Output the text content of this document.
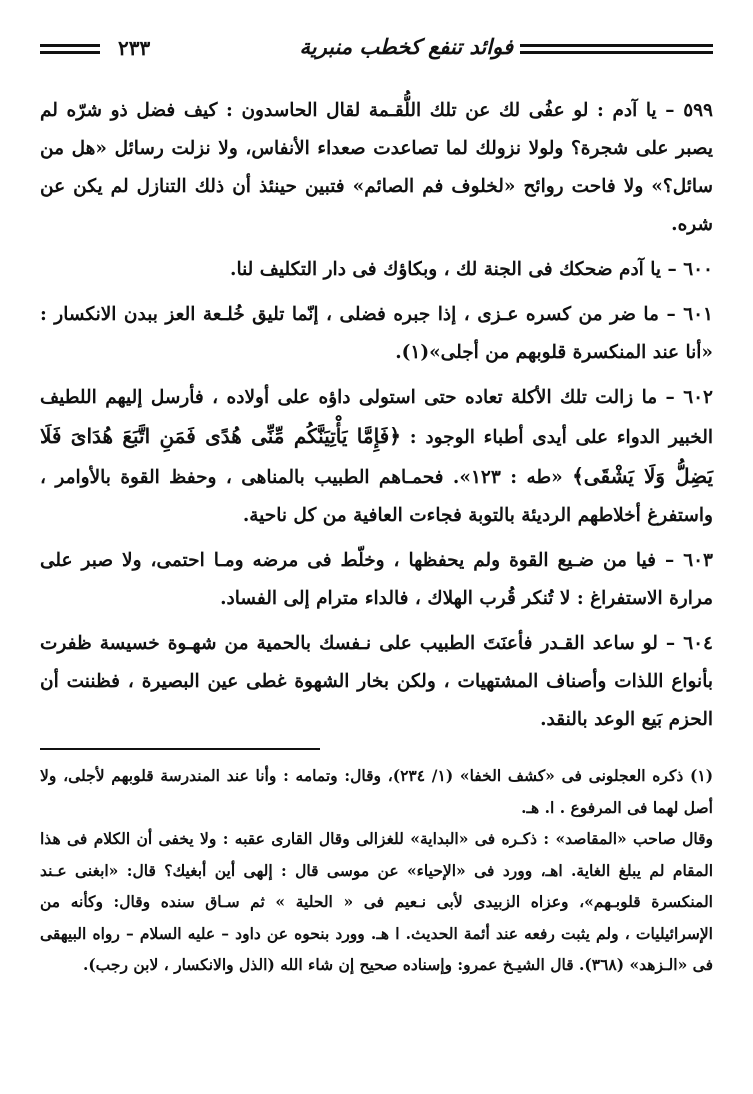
فوائد تنفع كخطب منبرية
٢٣٣

٥٩٩ – يا آدم : لو عفُى لك عن تلك اللُّقـمة لقال الحاسدون : كيف فضل ذو شرّه لم يصبر على شجرة؟ ولولا نزولك لما تصاعدت صعداء الأنفاس، ولا نزلت رسائل «هل من سائل؟» ولا فاحت روائح «لخلوف فم الصائم» فتبين حينئذ أن ذلك التنازل لم يكن عن شره.

٦٠٠ – يا آدم ضحكك فى الجنة لك ، وبكاؤك فى دار التكليف لنا.

٦٠١ – ما ضر من كسره عـزى ، إذا جبره فضلى ، إنّما تليق خُلـعة العز ببدن الانكسار : «أنا عند المنكسرة قلوبهم من أجلى»(١).

٦٠٢ – ما زالت تلك الأكلة تعاده حتى استولى داؤه على أولاده ، فأرسل إليهم اللطيف الخبير الدواء على أيدى أطباء الوجود : ﴿فَإِمَّا يَأْتِيَنَّكُم مِّنِّى هُدًى فَمَنِ اتَّبَعَ هُدَاىَ فَلَا يَضِلُّ وَلَا يَشْقَى﴾ «طه : ١٢٣». فحمـاهم الطبيب بالمناهى ، وحفظ القوة بالأوامر ، واستفرغ أخلاطهم الرديئة بالتوبة فجاءت العافية من كل ناحية.

٦٠٣ – فيا من ضـيع القوة ولم يحفظها ، وخلّط فى مرضه ومـا احتمى، ولا صبر على مرارة الاستفراغ : لا تُنكر قُرب الهلاك ، فالداء مترام إلى الفساد.

٦٠٤ – لو ساعد القـدر فأعنَتَ الطبيب على نـفسك بالحمية من شهـوة خسيسة ظفرت بأنواع اللذات وأصناف المشتهيات ، ولكن بخار الشهوة غطى عين البصيرة ، فظننت أن الحزم بَيع الوعد بالنقد.

(١) ذكره العجلونى فى «كشف الخفا» (١/ ٢٣٤)، وقال: وتمامه : وأنا عند المندرسة قلوبهم لأجلى، ولا أصل لهما فى المرفوع . ا. هـ.

وقال صاحب «المقاصد» : ذكـره فى «البداية» للغزالى وقال القارى عقبه : ولا يخفى أن الكلام فى هذا المقام لم يبلغ الغاية. اهـ، وورد فى «الإحياء» عن موسى قال : إلهى أين أبغيك؟ قال: «ابغنى عـند المنكسرة قلوبـهم»، وعزاه الزبيدى لأبى نـعيم فى « الحلية » ثم سـاق سنده وقال: وكأنه من الإسرائيليات ، ولم يثبت رفعه عند أئمة الحديث. ا هـ. وورد بنحوه عن داود – عليه السلام – رواه البيهقى فى «الـزهد» (٣٦٨). قال الشيـخ عمرو: وإسناده صحيح إن شاء الله (الذل والانكسار ، لابن رجب).
